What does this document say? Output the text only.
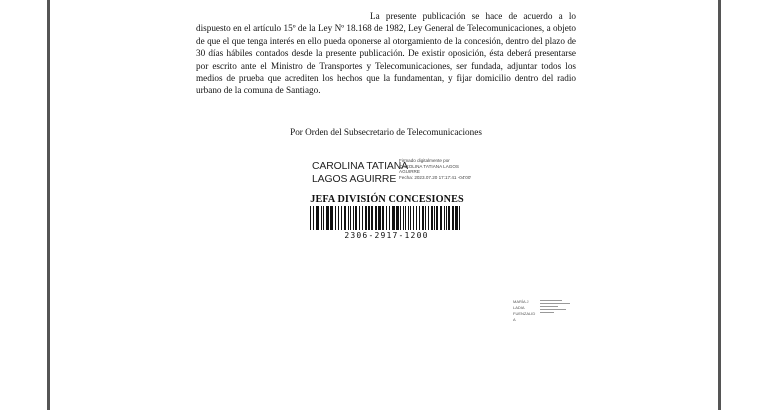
La presente publicación se hace de acuerdo a lo dispuesto en el artículo 15º de la Ley Nº 18.168 de 1982, Ley General de Telecomunicaciones, a objeto de que el que tenga interés en ello pueda oponerse al otorgamiento de la concesión, dentro del plazo de 30 días hábiles contados desde la presente publicación. De existir oposición, ésta deberá presentarse por escrito ante el Ministro de Transportes y Telecomunicaciones, ser fundada, adjuntar todos los medios de prueba que acrediten los hechos que la fundamentan, y fijar domicilio dentro del radio urbano de la comuna de Santiago.

Por Orden del Subsecretario de Telecomunicaciones

CAROLINA TATIANA
LAGOS AGUIRRE
Firmado digitalmente por
CAROLINA TATIANA LAGOS
AGUIRRE
Fecha: 2023.07.20 17:17:41 -04'00'

JEFA DIVISIÓN CONCESIONES

2306-2917-1200
MARÍA J
LADIA
FUENZALID
A
